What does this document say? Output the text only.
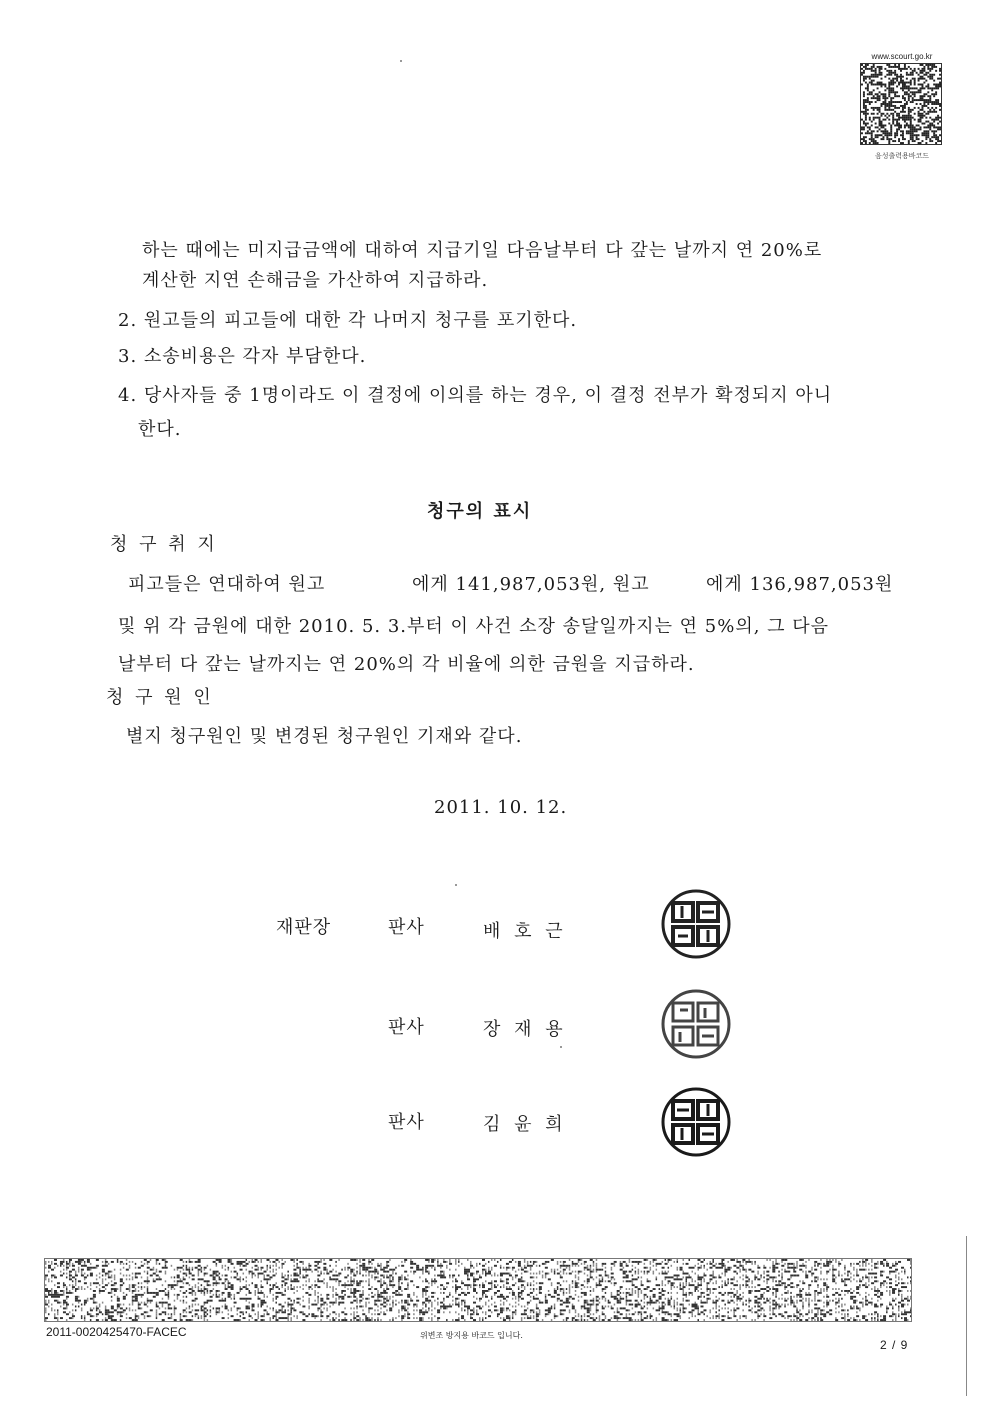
www.scourt.go.kr
음성출력용바코드
하는 때에는 미지급금액에 대하여 지급기일 다음날부터 다 갚는 날까지 연 20%로
계산한 지연 손해금을 가산하여 지급하라.
2. 원고들의 피고들에 대한 각 나머지 청구를 포기한다.
3. 소송비용은 각자 부담한다.
4. 당사자들 중 1명이라도 이 결정에 이의를 하는 경우, 이 결정 전부가 확정되지 아니
한다.
청구의 표시
청 구 취 지
피고들은 연대하여 원고	에게 141,987,053원, 원고	에게 136,987,053원
및 위 각 금원에 대한 2010. 5. 3.부터 이 사건 소장 송달일까지는 연 5%의, 그 다음
날부터 다 갚는 날까지는 연 20%의 각 비율에 의한 금원을 지급하라.
청 구 원 인
별지 청구원인 및 변경된 청구원인 기재와 같다.
2011. 10. 12.
재판장	판사	배 호 근
판사	장 재 용
판사	김 윤 희
2011-0020425470-FACEC	위변조 방지용 바코드 입니다.
2 / 9
